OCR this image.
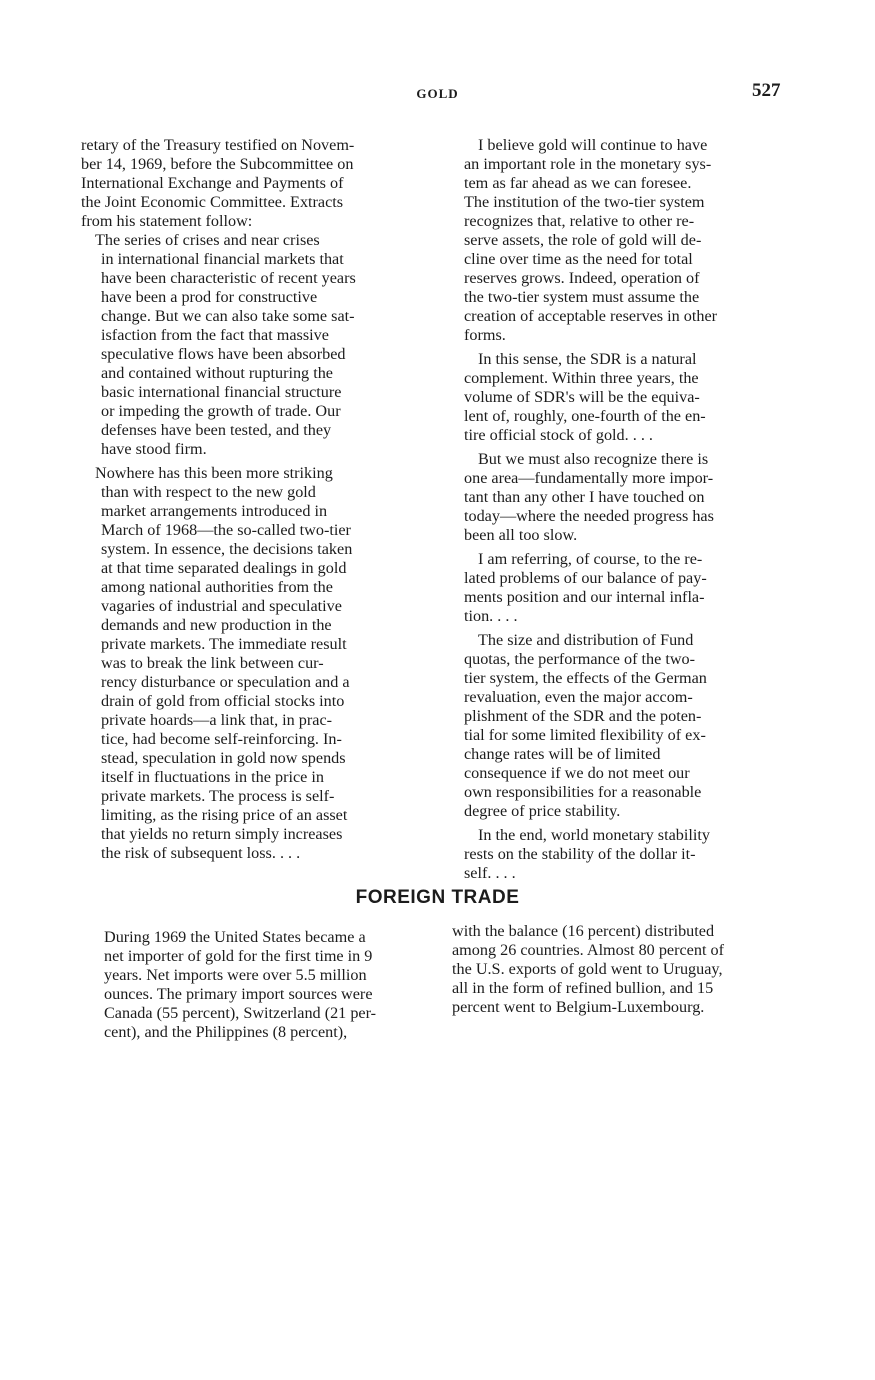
GOLD	527

retary of the Treasury testified on Novem-

ber 14, 1969, before the Subcommittee on

International Exchange and Payments of

the Joint Economic Committee. Extracts

from his statement follow:

The series of crises and near crises

in international financial markets that

have been characteristic of recent years

have been a prod for constructive

change. But we can also take some sat-

isfaction from the fact that massive

speculative flows have been absorbed

and contained without rupturing the

basic international financial structure

or impeding the growth of trade. Our

defenses have been tested, and they

have stood firm.

Nowhere has this been more striking

than with respect to the new gold

market arrangements introduced in

March of 1968—the so-called two-tier

system. In essence, the decisions taken

at that time separated dealings in gold

among national authorities from the

vagaries of industrial and speculative

demands and new production in the

private markets. The immediate result

was to break the link between cur-

rency disturbance or speculation and a

drain of gold from official stocks into

private hoards—a link that, in prac-

tice, had become self-reinforcing. In-

stead, speculation in gold now spends

itself in fluctuations in the price in

private markets. The process is self-

limiting, as the rising price of an asset

that yields no return simply increases

the risk of subsequent loss. . . .

I believe gold will continue to have

an important role in the monetary sys-

tem as far ahead as we can foresee.

The institution of the two-tier system

recognizes that, relative to other re-

serve assets, the role of gold will de-

cline over time as the need for total

reserves grows. Indeed, operation of

the two-tier system must assume the

creation of acceptable reserves in other

forms.

In this sense, the SDR is a natural

complement. Within three years, the

volume of SDR's will be the equiva-

lent of, roughly, one-fourth of the en-

tire official stock of gold. . . .

But we must also recognize there is

one area—fundamentally more impor-

tant than any other I have touched on

today—where the needed progress has

been all too slow.

I am referring, of course, to the re-

lated problems of our balance of pay-

ments position and our internal infla-

tion. . . .

The size and distribution of Fund

quotas, the performance of the two-

tier system, the effects of the German

revaluation, even the major accom-

plishment of the SDR and the poten-

tial for some limited flexibility of ex-

change rates will be of limited

consequence if we do not meet our

own responsibilities for a reasonable

degree of price stability.

In the end, world monetary stability

rests on the stability of the dollar it-

self. . . .

FOREIGN TRADE

During 1969 the United States became a

net importer of gold for the first time in 9

years. Net imports were over 5.5 million

ounces. The primary import sources were

Canada (55 percent), Switzerland (21 per-

cent), and the Philippines (8 percent),

with the balance (16 percent) distributed

among 26 countries. Almost 80 percent of

the U.S. exports of gold went to Uruguay,

all in the form of refined bullion, and 15

percent went to Belgium-Luxembourg.
